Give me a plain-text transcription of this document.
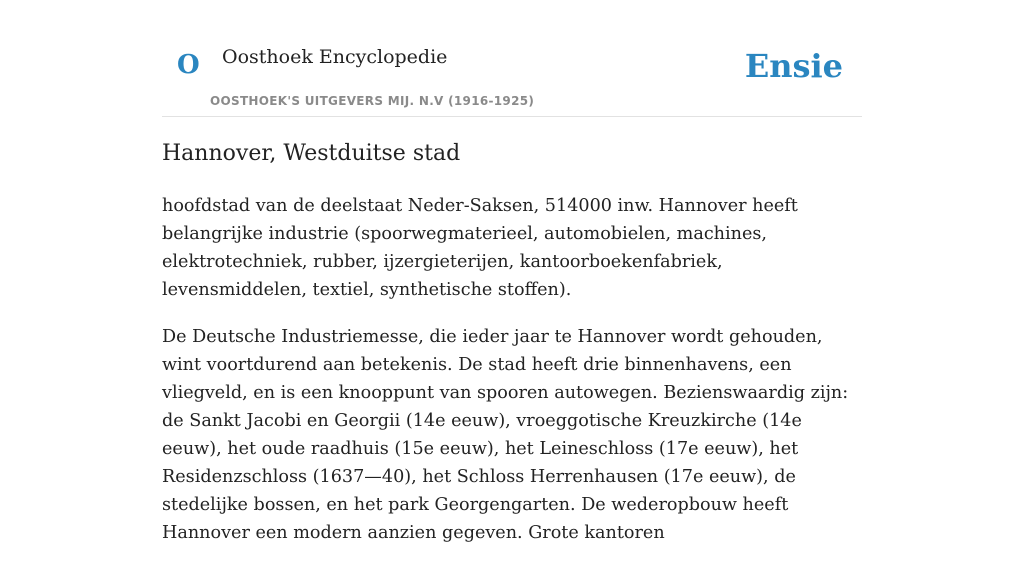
O Oosthoek Encyclopedie
OOSTHOEK'S UITGEVERS MIJ. N.V (1916-1925)
Ensie
Hannover, Westduitse stad

hoofdstad van de deelstaat Neder-Saksen, 514000 inw. Hannover heeft belangrijke industrie (spoorwegmaterieel, automobielen, machines, elektrotechniek, rubber, ijzergieterijen, kantoorboekenfabriek, levensmiddelen, textiel, synthetische stoffen).

De Deutsche Industriemesse, die ieder jaar te Hannover wordt gehouden, wint voortdurend aan betekenis. De stad heeft drie binnenhavens, een vliegveld, en is een knooppunt van spooren autowegen. Bezienswaardig zijn: de Sankt Jacobi en Georgii (14e eeuw), vroeggotische Kreuzkirche (14e eeuw), het oude raadhuis (15e eeuw), het Leineschloss (17e eeuw), het Residenzschloss (1637—40), het Schloss Herrenhausen (17e eeuw), de stedelijke bossen, en het park Georgengarten. De wederopbouw heeft Hannover een modern aanzien gegeven. Grote kantoren
